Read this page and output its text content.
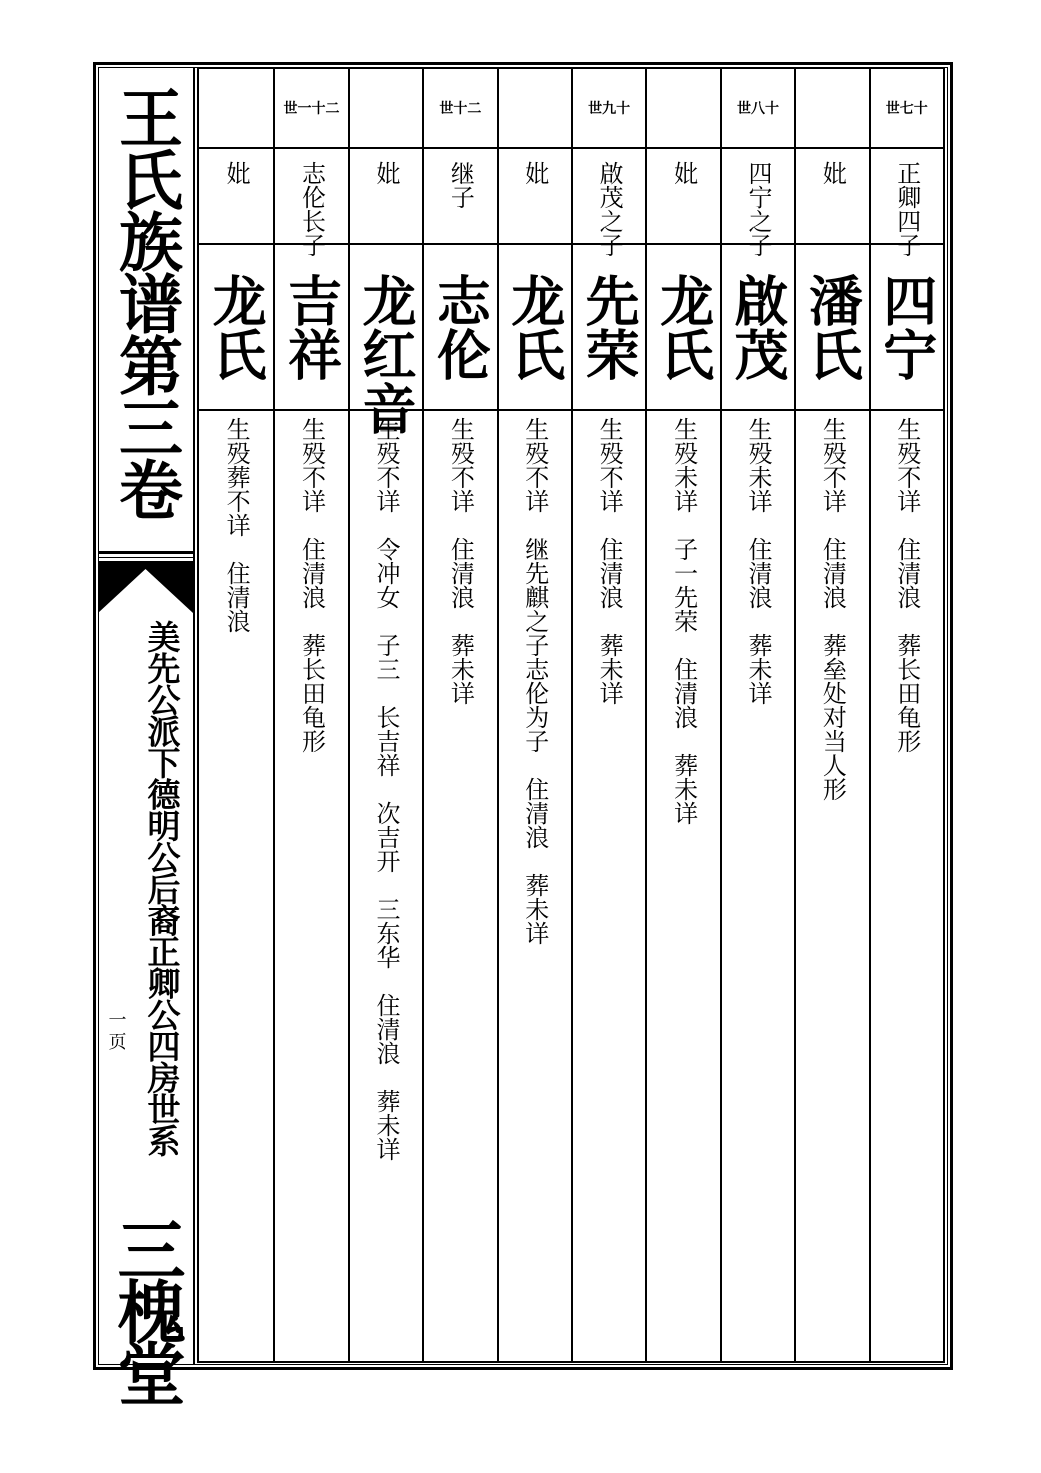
王氏族谱第三卷
一页 美先公派下德明公后裔正卿公四房世系
三槐堂
世七十
正卿四子
四宁
生殁不详　住清浪　葬长田龟形
妣
潘氏
生殁不详　住清浪　葬垒处对当人形
世八十
四宁之子
啟茂
生殁未详　住清浪　葬未详
妣
龙氏
生殁未详　子一先荣　住清浪　葬未详
世九十
啟茂之子
先荣
生殁不详　住清浪　葬未详
妣
龙氏
生殁不详　继先麒之子志伦为子　住清浪　葬未详
世十二
继子
志伦
生殁不详　住清浪　葬未详
妣
龙红音
生殁不详　令冲女　子三　长吉祥　次吉开　三东华　住清浪　葬未详
世一十二
志伦长子
吉祥
生殁不详　住清浪　葬长田龟形
妣
龙氏
生殁葬不详　住清浪
